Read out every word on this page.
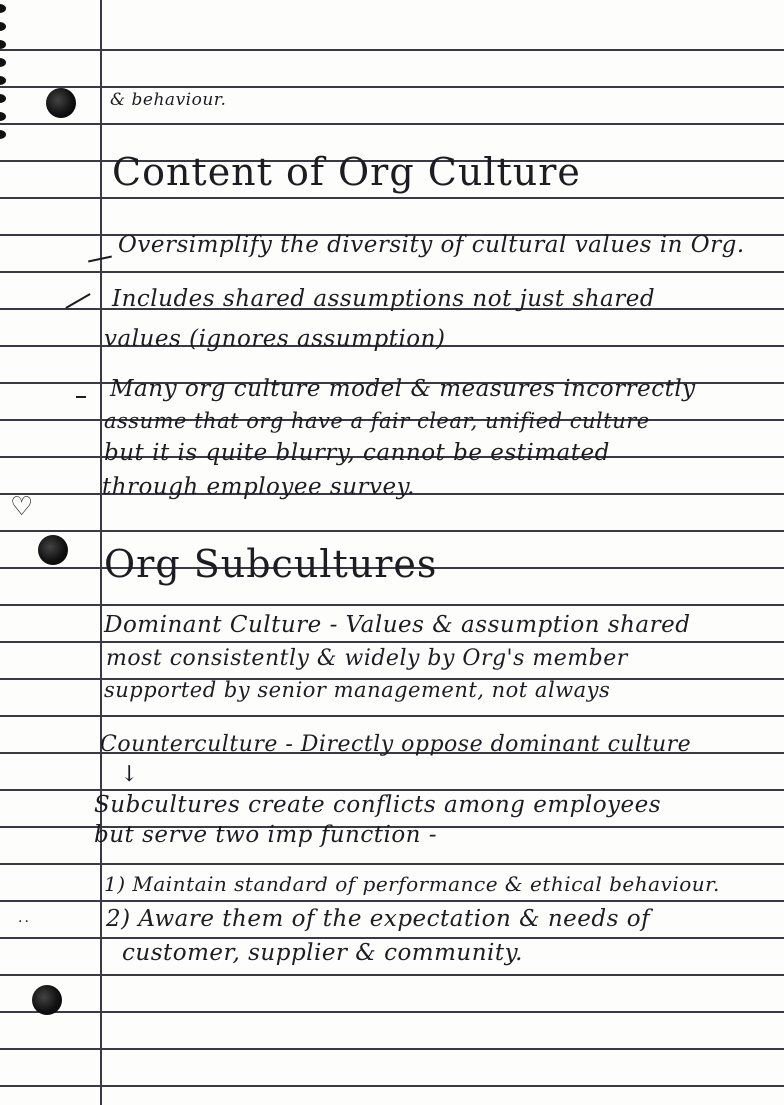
& behaviour.
Content of Org Culture
Oversimplify the diversity of cultural values in Org.
Includes shared assumptions not just shared
values (ignores assumption)
Many org culture model & measures incorrectly
assume that org have a fair clear, unified culture
but it is quite blurry, cannot be estimated
through employee survey.
♡
Org Subcultures
Dominant Culture - Values & assumption shared
most consistently & widely by Org's member
supported by senior management, not always
Counterculture - Directly oppose dominant culture
↓
Subcultures create conflicts among employees
but serve two imp function -
1) Maintain standard of performance & ethical behaviour.
..	2) Aware them of the expectation & needs of
customer, supplier & community.
